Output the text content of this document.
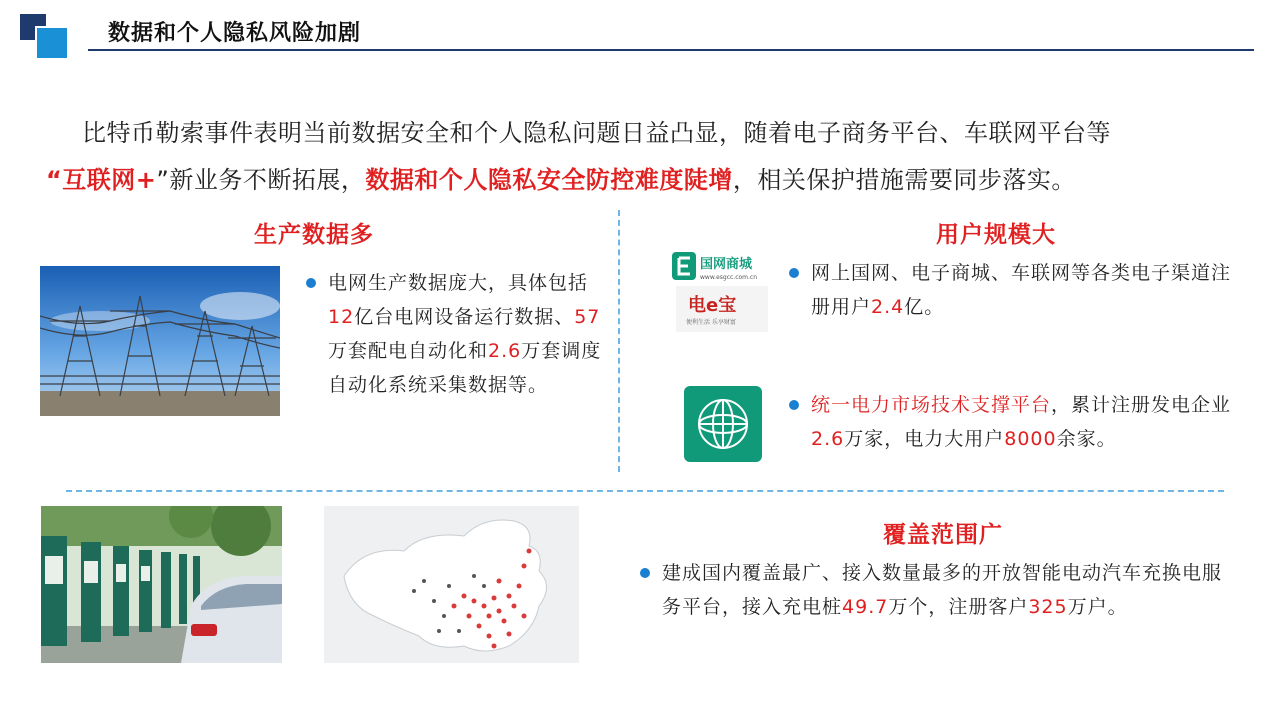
数据和个人隐私风险加剧
比特币勒索事件表明当前数据安全和个人隐私问题日益凸显，随着电子商务平台、车联网平台等
“互联网+”新业务不断拓展，数据和个人隐私安全防控难度陡增，相关保护措施需要同步落实。
生产数据多
电网生产数据庞大，具体包括12亿台电网设备运行数据、57万套配电自动化和2.6万套调度自动化系统采集数据等。
用户规模大
国网商城
www.esgcc.com.cn
电e宝
便利生活 乐享财富
网上国网、电子商城、车联网等各类电子渠道注册用户2.4亿。
统一电力市场技术支撑平台，累计注册发电企业2.6万家，电力大用户8000余家。
覆盖范围广
建成国内覆盖最广、接入数量最多的开放智能电动汽车充换电服务平台，接入充电桩49.7万个，注册客户325万户。
